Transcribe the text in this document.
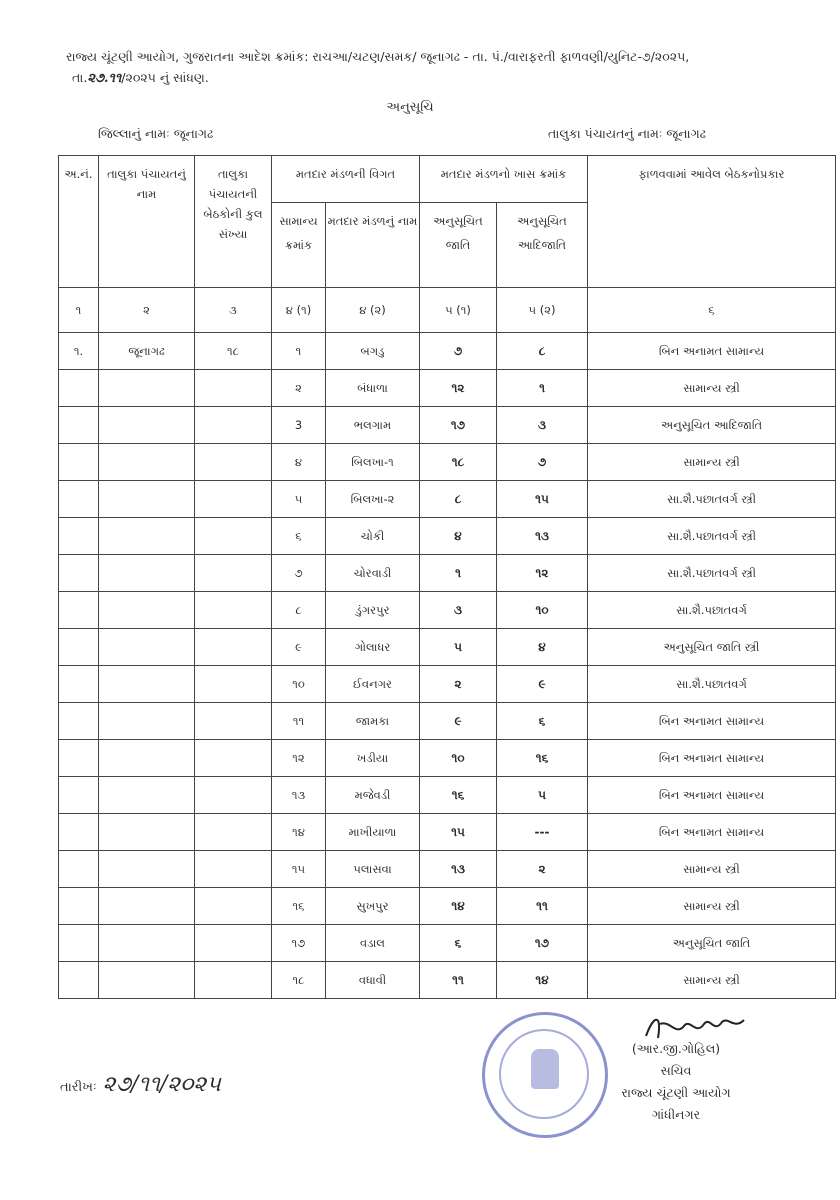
રાજ્ય ચૂંટણી આયોગ, ગુજરાતના આદેશ ક્રમાંક: રાચઆ/ચટણ/સમક/ જૂનાગઢ - તા. પં./વારાફરતી ફાળવણી/યુનિટ-૭/૨૦૨૫,
તા.૨૭.૧૧/૨૦૨૫ નું સાંધણ.
અનુસૂચિ
જિલ્લાનું નામઃ જૂનાગઢ	તાલુકા પંચાયતનું નામઃ જૂનાગઢ
અ.નં.	તાલુકા પંચાયતનું નામ	તાલુકા પંચાયતની બેઠકોની કુલ સંખ્યા	મતદાર મંડળની વિગત		મતદાર મંડળનો ખાસ ક્રમાંક		ફાળવવામાં આવેલ બેઠકનોપ્રકાર
			સામાન્ય ક્રમાંક	મતદાર મંડળનું નામ	અનુસૂચિત જાતિ	અનુસૂચિત આદિજાતિ	
૧	૨	૩	૪ (૧)	૪ (૨)	૫ (૧)	૫ (૨)	૬
૧.	જૂનાગઢ	૧૮	૧	બગડુ	૭	૮	બિન અનામત સામાન્ય
			૨	બંધાળા	૧૨	૧	સામાન્ય સ્ત્રી
			3	ભલગામ	૧૭	૩	અનુસૂચિત આદિજાતિ
			૪	બિલખા-૧	૧૮	૭	સામાન્ય સ્ત્રી
			૫	બિલખા-૨	૮	૧૫	સા.શૈ.પછાતવર્ગ સ્ત્રી
			૬	ચોકી	૪	૧૩	સા.શૈ.પછાતવર્ગ સ્ત્રી
			૭	ચોરવાડી	૧	૧૨	સા.શૈ.પછાતવર્ગ સ્ત્રી
			૮	ડુંગરપુર	૩	૧૦	સા.શૈ.પછાતવર્ગ
			૯	ગોલાધર	૫	૪	અનુસૂચિત જાતિ સ્ત્રી
			૧૦	ઈવનગર	૨	૯	સા.શૈ.પછાતવર્ગ
			૧૧	જામકા	૯	૬	બિન અનામત સામાન્ય
			૧૨	ખડીયા	૧૦	૧૬	બિન અનામત સામાન્ય
			૧૩	મજેવડી	૧૬	૫	બિન અનામત સામાન્ય
			૧૪	માખીયાળા	૧૫	---	બિન અનામત સામાન્ય
			૧૫	પલાસવા	૧૩	૨	સામાન્ય સ્ત્રી
			૧૬	સુખપુર	૧૪	૧૧	સામાન્ય સ્ત્રી
			૧૭	વડાલ	૬	૧૭	અનુસૂચિત જાતિ
			૧૮	વધાવી	૧૧	૧૪	સામાન્ય સ્ત્રી
(આર.જી.ગોહિલ)
સચિવ
રાજ્ય ચૂંટણી આયોગ
ગાંધીનગર
તારીખઃ ૨૭/૧૧/૨૦૨૫
